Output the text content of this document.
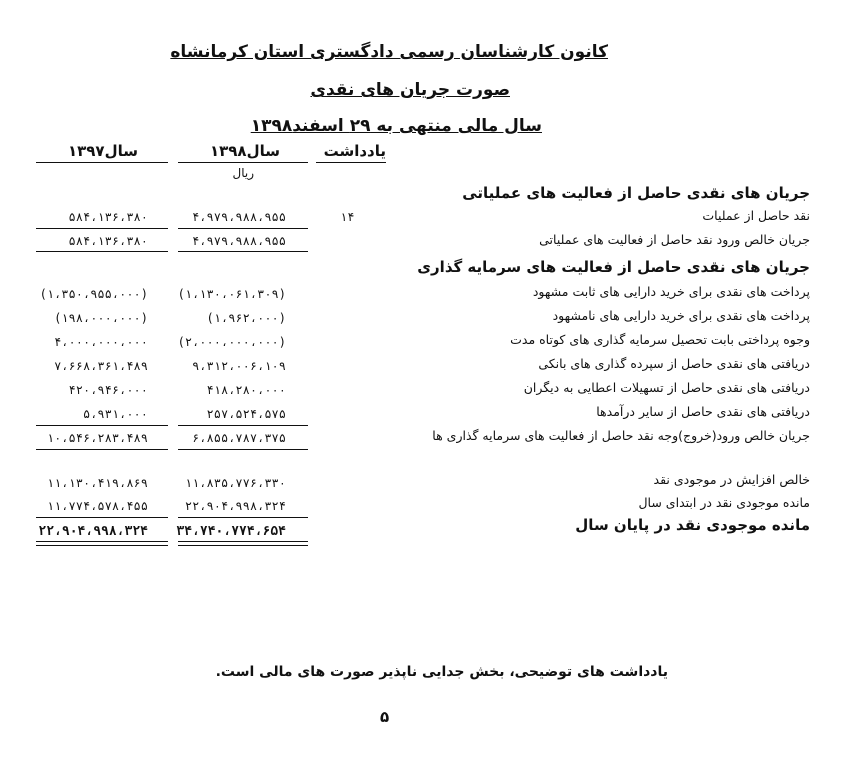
کانون کارشناسان رسمی دادگستری استان کرمانشاه
صورت جریان های نقدی
سال مالی منتهی به ۲۹ اسفند۱۳۹۸
یادداشت
سال۱۳۹۸
سال۱۳۹۷
ریال
جریان های نقدی حاصل از فعالیت های عملیاتی
نقد حاصل از عملیات
۱۴
۴،۹۷۹،۹۸۸،۹۵۵
۵۸۴،۱۳۶،۳۸۰
جریان خالص ورود نقد حاصل از فعالیت های عملیاتی
۴،۹۷۹،۹۸۸،۹۵۵
۵۸۴،۱۳۶،۳۸۰
جریان های نقدی حاصل از فعالیت های سرمایه گذاری
پرداخت های نقدی برای خرید دارایی های ثابت مشهود
(۱،۱۳۰،۰۶۱،۳۰۹)
(۱،۳۵۰،۹۵۵،۰۰۰)
پرداخت های نقدی برای خرید دارایی های نامشهود
(۱،۹۶۲،۰۰۰)
(۱۹۸،۰۰۰،۰۰۰)
وجوه پرداختی بابت تحصیل سرمایه گذاری های کوتاه مدت
(۲،۰۰۰،۰۰۰،۰۰۰)
۴،۰۰۰،۰۰۰،۰۰۰
دریافتی های نقدی حاصل از سپرده گذاری های بانکی
۹،۳۱۲،۰۰۶،۱۰۹
۷،۶۶۸،۳۶۱،۴۸۹
دریافتی های نقدی حاصل از تسهیلات اعطایی به دیگران
۴۱۸،۲۸۰،۰۰۰
۴۲۰،۹۴۶،۰۰۰
دریافتی های نقدی حاصل از سایر درآمدها
۲۵۷،۵۲۴،۵۷۵
۵،۹۳۱،۰۰۰
جریان خالص ورود(خروج)وجه نقد حاصل از فعالیت های سرمایه گذاری ها
۶،۸۵۵،۷۸۷،۳۷۵
۱۰،۵۴۶،۲۸۳،۴۸۹
خالص افزایش در موجودی نقد
۱۱،۸۳۵،۷۷۶،۳۳۰
۱۱،۱۳۰،۴۱۹،۸۶۹
مانده موجودی نقد در ابتدای سال
۲۲،۹۰۴،۹۹۸،۳۲۴
۱۱،۷۷۴،۵۷۸،۴۵۵
مانده موجودی نقد در پایان سال
۳۴،۷۴۰،۷۷۴،۶۵۴
۲۲،۹۰۴،۹۹۸،۳۲۴
یادداشت های توضیحی، بخش جدایی ناپذیر صورت های مالی است.
۵
